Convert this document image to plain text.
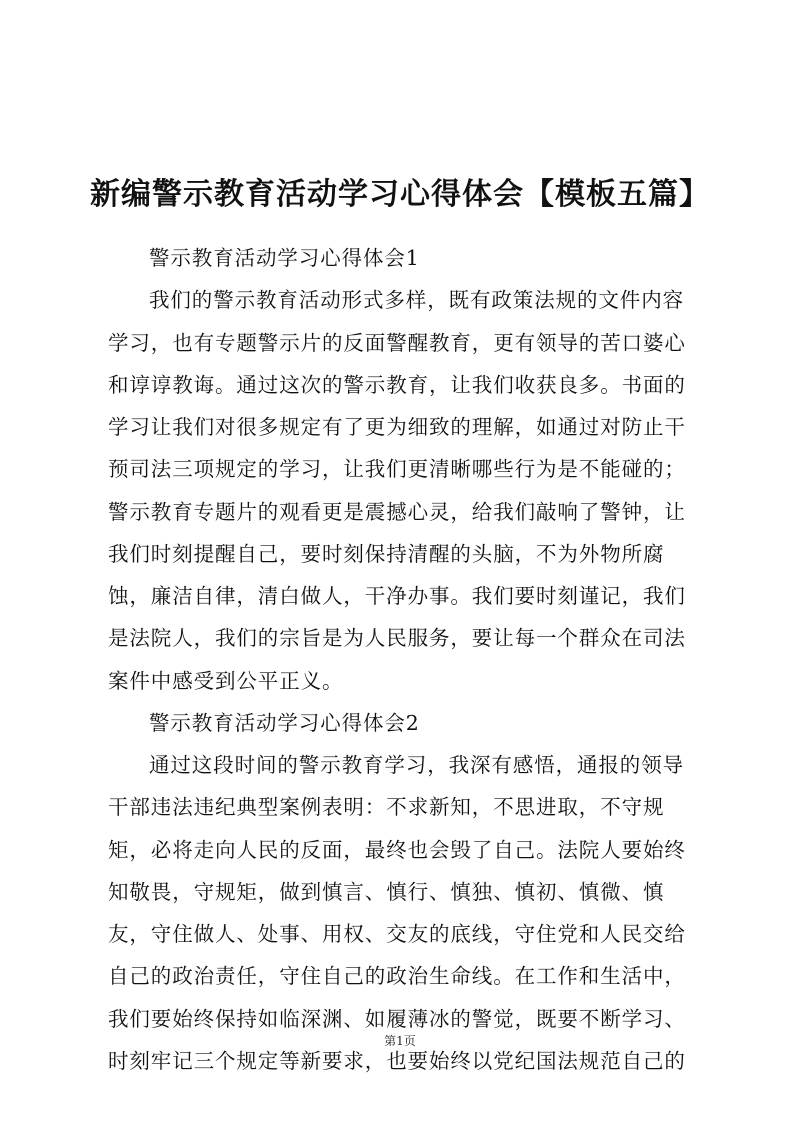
新编警示教育活动学习心得体会【模板五篇】
警示教育活动学习心得体会1
我们的警示教育活动形式多样，既有政策法规的文件内容
学习，也有专题警示片的反面警醒教育，更有领导的苦口婆心
和谆谆教诲。通过这次的警示教育，让我们收获良多。书面的
学习让我们对很多规定有了更为细致的理解，如通过对防止干
预司法三项规定的学习，让我们更清晰哪些行为是不能碰的；
警示教育专题片的观看更是震撼心灵，给我们敲响了警钟，让
我们时刻提醒自己，要时刻保持清醒的头脑，不为外物所腐
蚀，廉洁自律，清白做人，干净办事。我们要时刻谨记，我们
是法院人，我们的宗旨是为人民服务，要让每一个群众在司法
案件中感受到公平正义。
警示教育活动学习心得体会2
通过这段时间的警示教育学习，我深有感悟，通报的领导
干部违法违纪典型案例表明：不求新知，不思进取，不守规
矩，必将走向人民的反面，最终也会毁了自己。法院人要始终
知敬畏，守规矩，做到慎言、慎行、慎独、慎初、慎微、慎
友，守住做人、处事、用权、交友的底线，守住党和人民交给
自己的政治责任，守住自己的政治生命线。在工作和生活中，
我们要始终保持如临深渊、如履薄冰的警觉，既要不断学习、
时刻牢记三个规定等新要求，也要始终以党纪国法规范自己的
第1页
